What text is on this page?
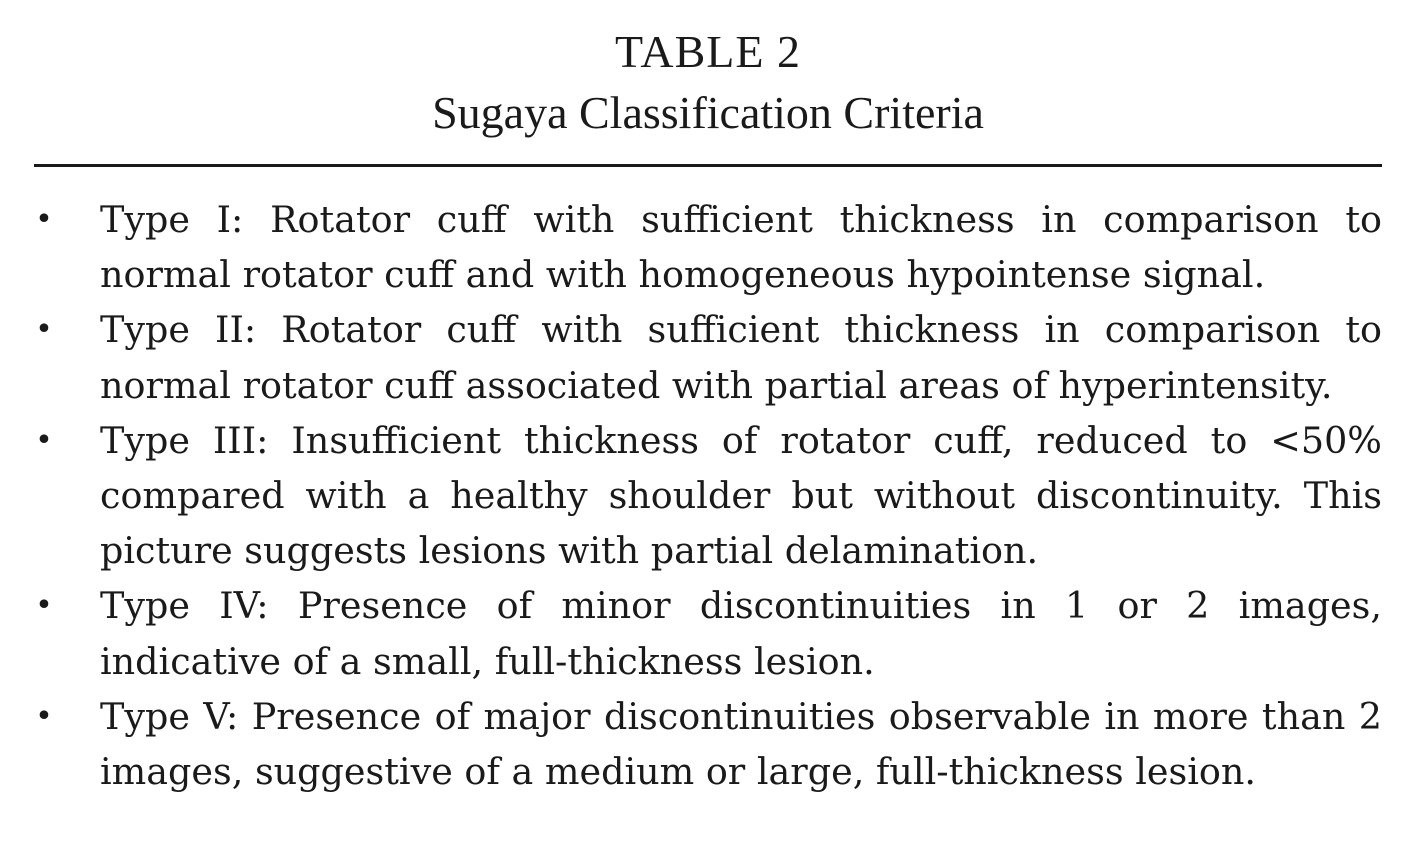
TABLE 2
Sugaya Classification Criteria
• Type I: Rotator cuff with sufficient thickness in comparison to normal rotator cuff and with homogeneous hypointense signal.
• Type II: Rotator cuff with sufficient thickness in comparison to normal rotator cuff associated with partial areas of hyperintensity.
• Type III: Insufficient thickness of rotator cuff, reduced to <50% compared with a healthy shoulder but without discontinuity. This picture suggests lesions with partial delamination.
• Type IV: Presence of minor discontinuities in 1 or 2 images, indicative of a small, full-thickness lesion.
• Type V: Presence of major discontinuities observable in more than 2 images, suggestive of a medium or large, full-thickness lesion.
